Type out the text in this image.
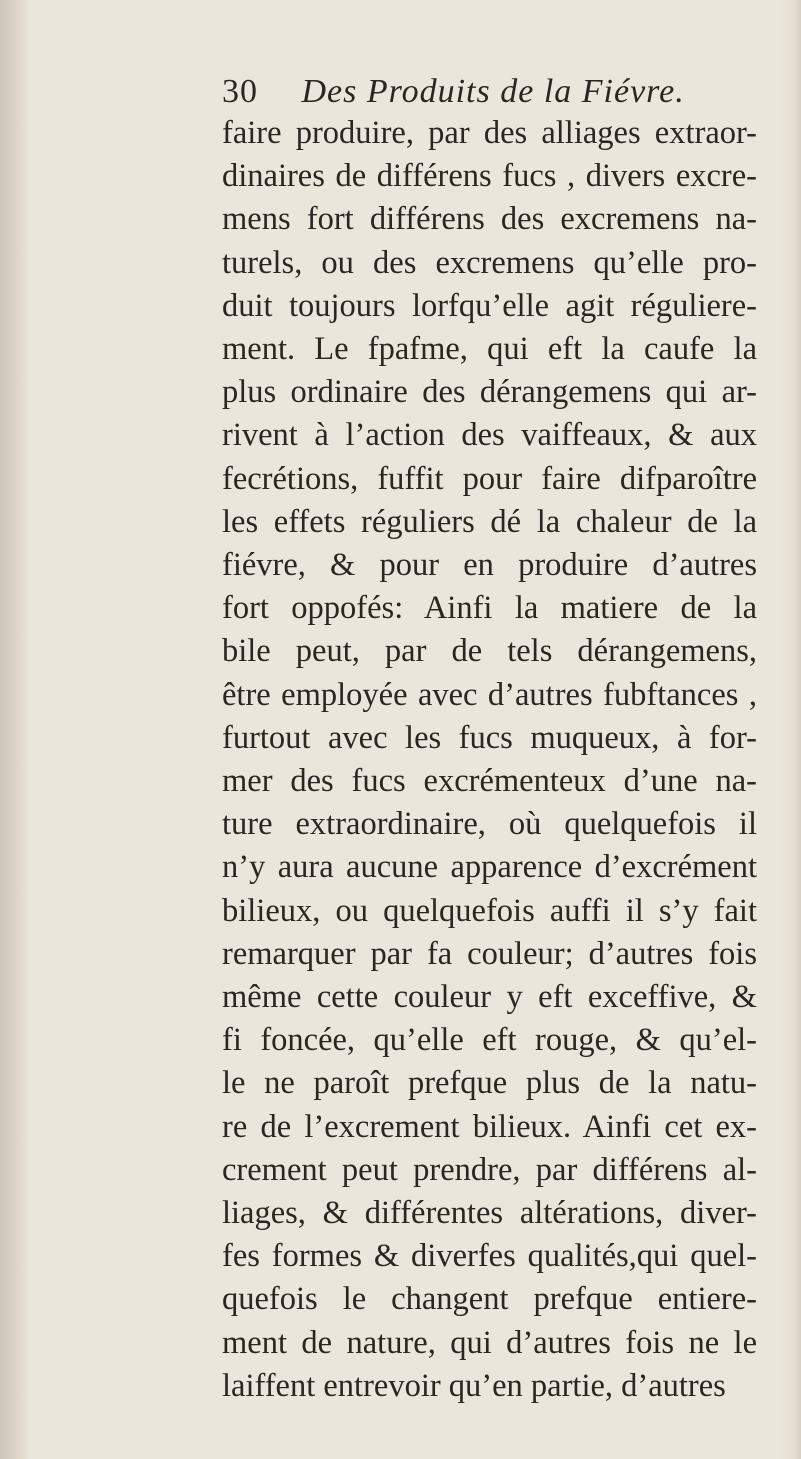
30 Des Produits de la Fiévre.
faire produire, par des alliages extraor-
dinaires de différens fucs , divers excre-
mens fort différens des excremens na-
turels, ou des excremens qu’elle pro-
duit toujours lorfqu’elle agit réguliere-
ment. Le fpafme, qui eft la caufe la
plus ordinaire des dérangemens qui ar-
rivent à l’action des vaiffeaux, & aux
fecrétions, fuffit pour faire difparoître
les effets réguliers dé la chaleur de la
fiévre, & pour en produire d’autres
fort oppofés: Ainfi la matiere de la
bile peut, par de tels dérangemens,
être employée avec d’autres fubftances ,
furtout avec les fucs muqueux, à for-
mer des fucs excrémenteux d’une na-
ture extraordinaire, où quelquefois il
n’y aura aucune apparence d’excrément
bilieux, ou quelquefois auffi il s’y fait
remarquer par fa couleur; d’autres fois
même cette couleur y eft exceffive, &
fi foncée, qu’elle eft rouge, & qu’el-
le ne paroît prefque plus de la natu-
re de l’excrement bilieux. Ainfi cet ex-
crement peut prendre, par différens al-
liages, & différentes altérations, diver-
fes formes & diverfes qualités,qui quel-
quefois le changent prefque entiere-
ment de nature, qui d’autres fois ne le
laiffent entrevoir qu’en partie, d’autres
